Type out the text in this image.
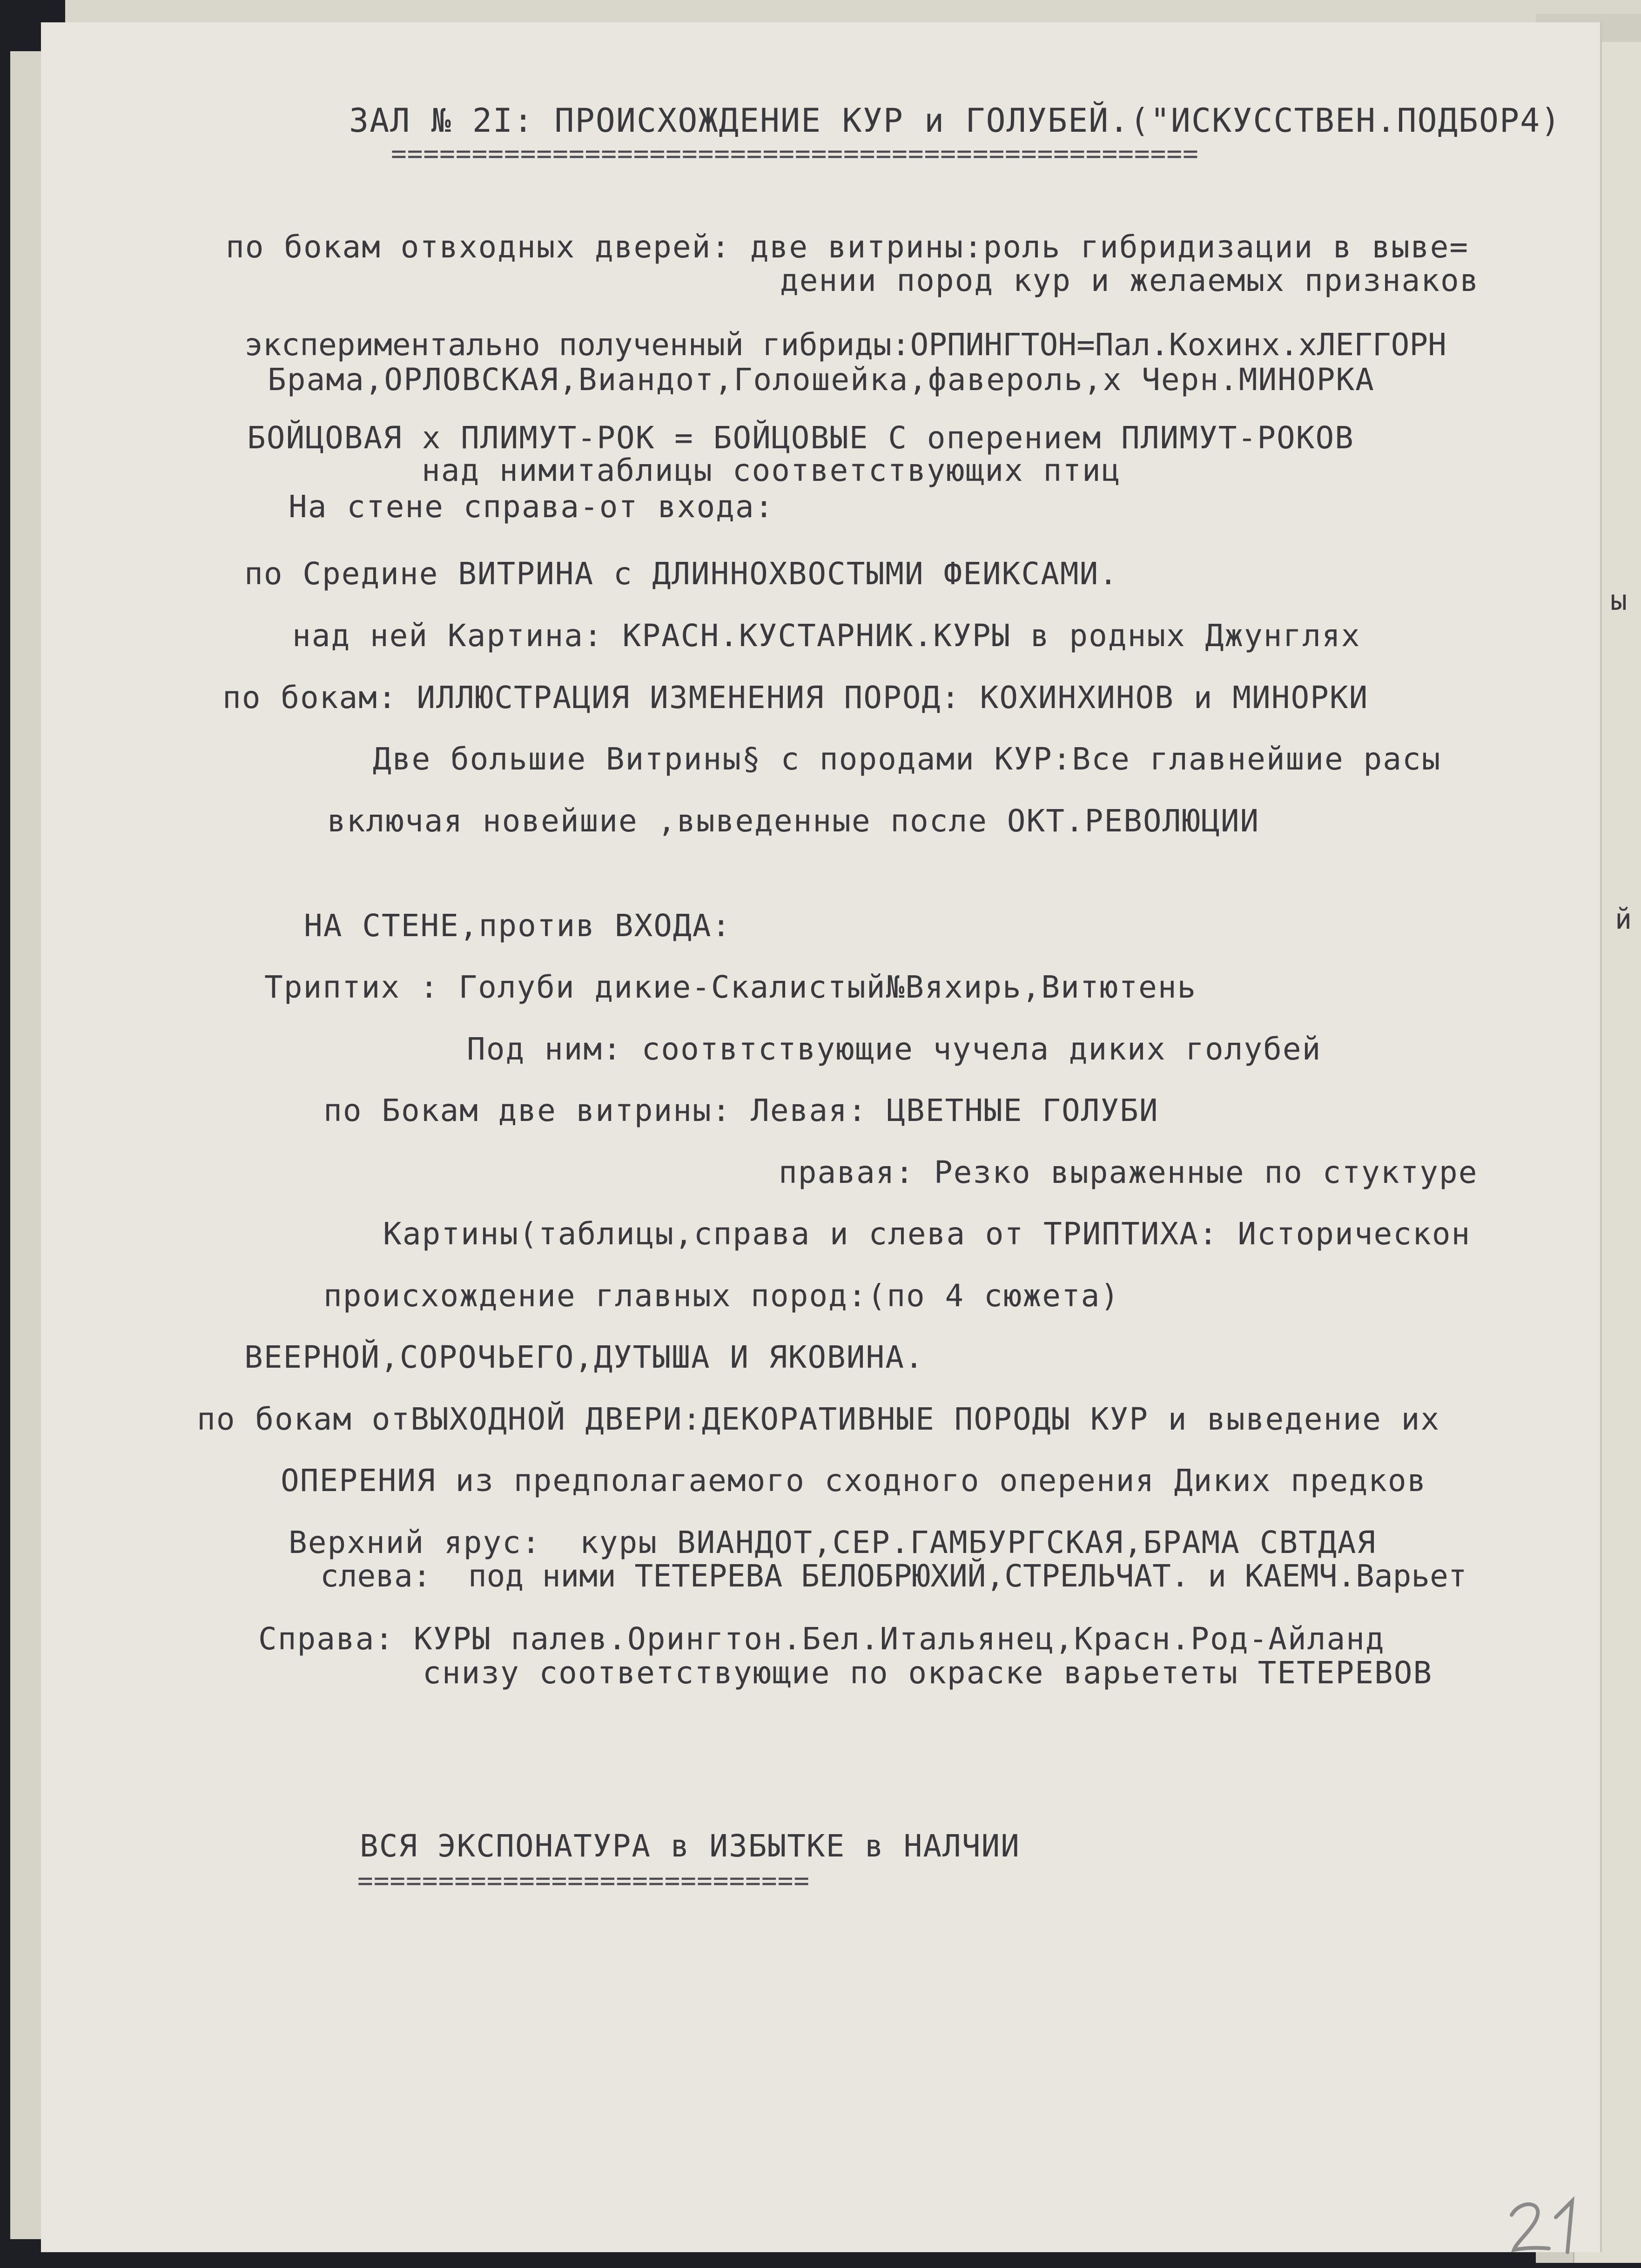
ЗАЛ № 2I: ПРОИСХОЖДЕНИЕ КУР и ГОЛУБЕЙ.("ИСКУССТВЕН.ПОДБОР4)
==================================================
по бокам отвходных дверей: две витрины:роль гибридизации в выве=
дении пород кур и желаемых признаков
экспериментально полученный гибриды:ОРПИНГТОН=Пал.Кохинх.хЛЕГГОРН
Брама,ОРЛОВСКАЯ,Виандот,Голошейка,фавероль,х Черн.МИНОРКА
БОЙЦОВАЯ х ПЛИМУТ-РОК = БОЙЦОВЫЕ С оперением ПЛИМУТ-РОКОВ
над нимитаблицы соответствующих птиц
На стене справа-от входа:
по Средине ВИТРИНА с ДЛИННОХВОСТЫМИ ФЕИКСАМИ.
над ней Картина: КРАСН.КУСТАРНИК.КУРЫ в родных Джунглях
по бокам: ИЛЛЮСТРАЦИЯ ИЗМЕНЕНИЯ ПОРОД: КОХИНХИНОВ и МИНОРКИ
Две большие Витрины§ с породами КУР:Все главнейшие расы
включая новейшие ,выведенные после ОКТ.РЕВОЛЮЦИИ
НА СТЕНЕ,против ВХОДА:
Триптих : Голуби дикие-Скалистый№Вяхирь,Витютень
Под ним: соотвтствующие чучела диких голубей
по Бокам две витрины: Левая: ЦВЕТНЫЕ ГОЛУБИ
правая: Резко выраженные по стуктуре
Картины(таблицы,справа и слева от ТРИПТИХА: Историческон
происхождение главных пород:(по 4 сюжета)
ВЕЕРНОЙ,СОРОЧЬЕГО,ДУТЫША И ЯКОВИНА.
по бокам отВЫХОДНОЙ ДВЕРИ:ДЕКОРАТИВНЫЕ ПОРОДЫ КУР и выведение их
ОПЕРЕНИЯ из предполагаемого сходного оперения Диких предков
Верхний ярус:  куры ВИАНДОТ,СЕР.ГАМБУРГСКАЯ,БРАМА СВТДАЯ
слева:  под ними ТЕТЕРЕВА БЕЛОБРЮХИЙ,СТРЕЛЬЧАТ. и КАЕМЧ.Варьет
Справа: КУРЫ палев.Орингтон.Бел.Итальянец,Красн.Род-Айланд
снизу соответствующие по окраске варьететы ТЕТЕРЕВОВ
ВСЯ ЭКСПОНАТУРА в ИЗБЫТКЕ в НАЛЧИИ
============================
ы
й
